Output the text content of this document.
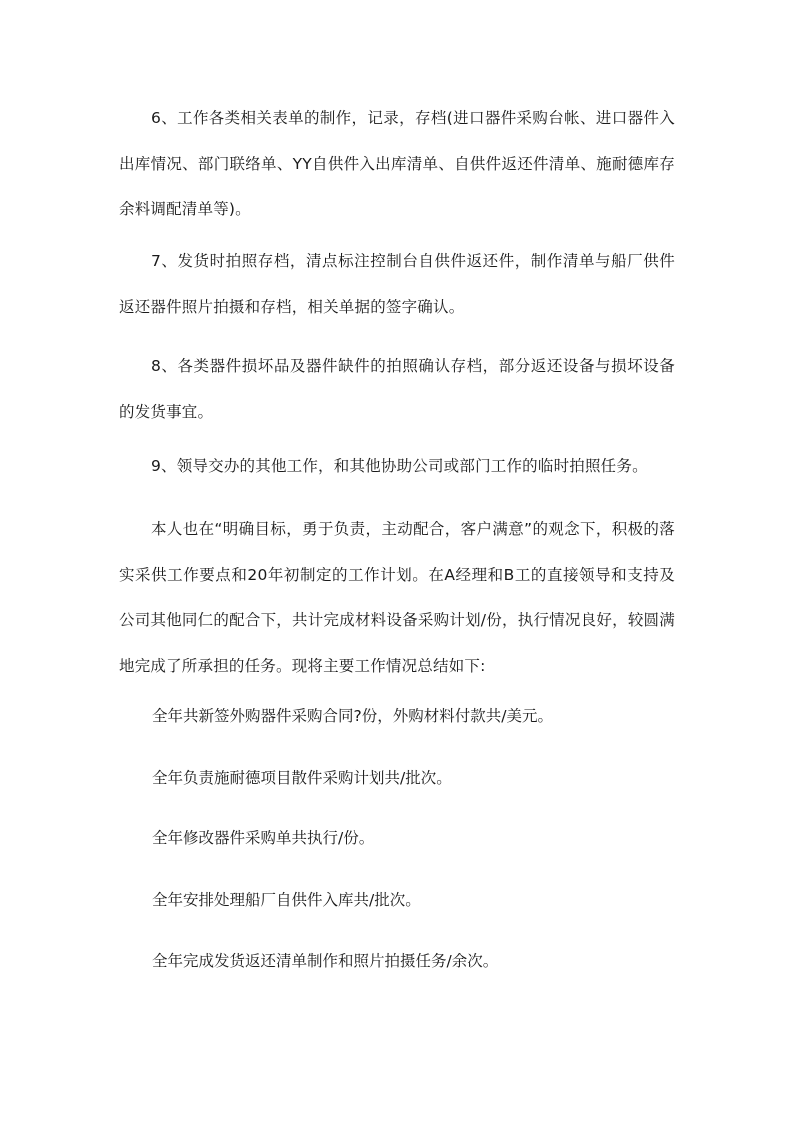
6、工作各类相关表单的制作，记录，存档(进口器件采购台帐、进口器件入出库情况、部门联络单、YY自供件入出库清单、自供件返还件清单、施耐德库存余料调配清单等)。

7、发货时拍照存档，清点标注控制台自供件返还件，制作清单与船厂供件返还器件照片拍摄和存档，相关单据的签字确认。

8、各类器件损坏品及器件缺件的拍照确认存档，部分返还设备与损坏设备的发货事宜。

9、领导交办的其他工作，和其他协助公司或部门工作的临时拍照任务。

本人也在“明确目标，勇于负责，主动配合，客户满意”的观念下，积极的落实采供工作要点和20年初制定的工作计划。在A经理和B工的直接领导和支持及公司其他同仁的配合下，共计完成材料设备采购计划/份，执行情况良好，较圆满地完成了所承担的任务。现将主要工作情况总结如下:

全年共新签外购器件采购合同?份，外购材料付款共/美元。

全年负责施耐德项目散件采购计划共/批次。

全年修改器件采购单共执行/份。

全年安排处理船厂自供件入库共/批次。

全年完成发货返还清单制作和照片拍摄任务/余次。
